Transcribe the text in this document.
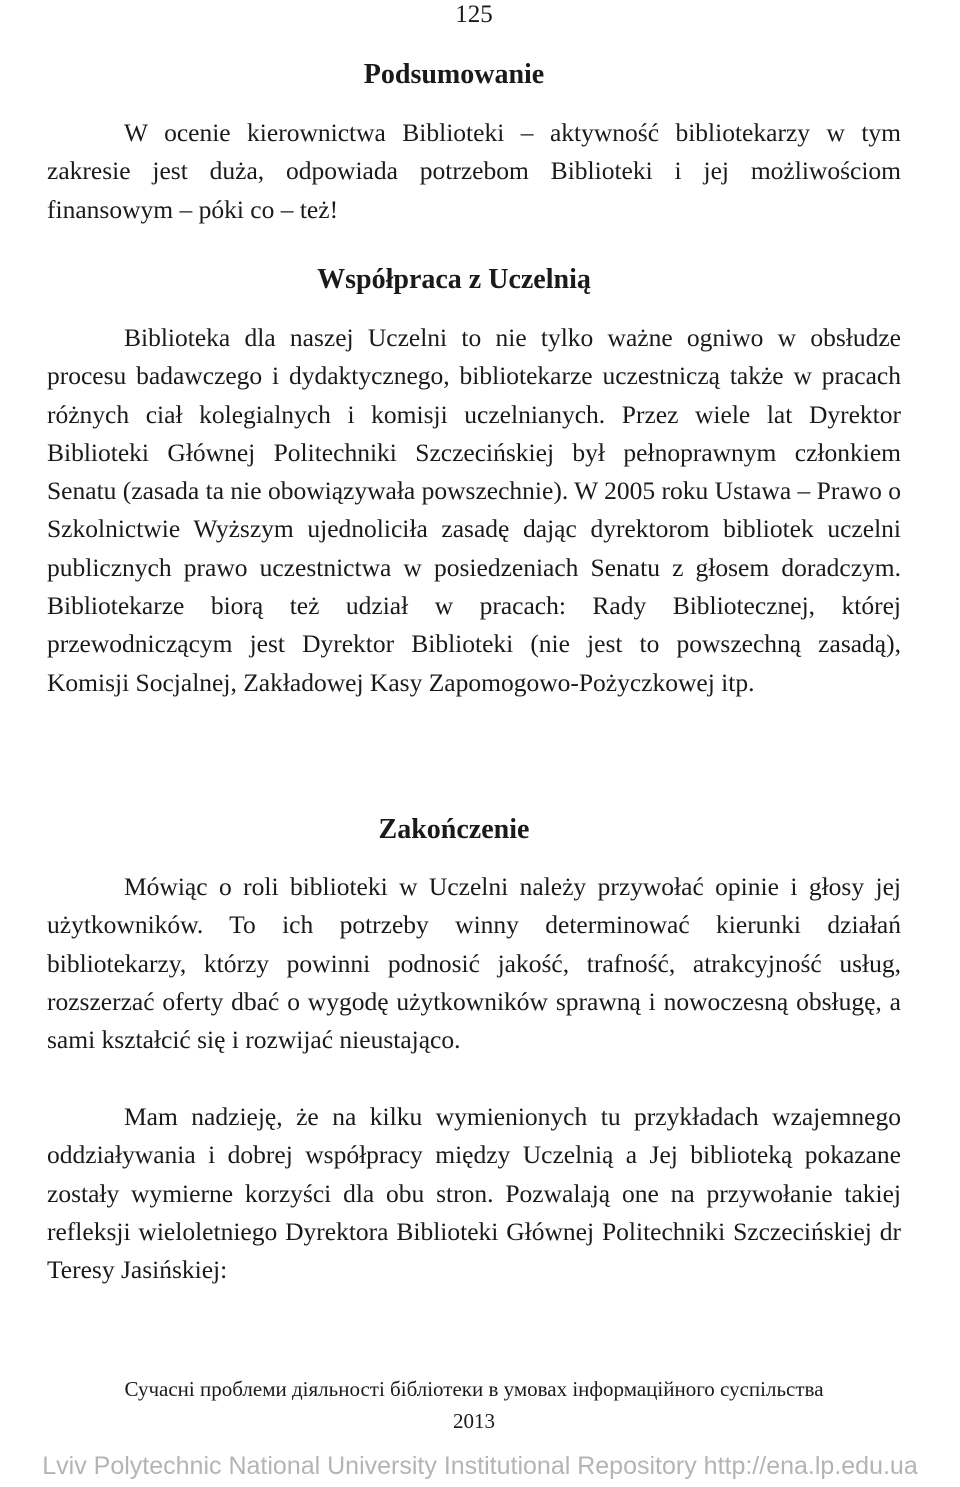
125
Podsumowanie

W ocenie kierownictwa Biblioteki – aktywność bibliotekarzy w tym zakresie jest duża, odpowiada potrzebom Biblioteki i jej możliwościom finansowym – póki co – też!

Współpraca z Uczelnią

Biblioteka dla naszej Uczelni to nie tylko ważne ogniwo w obsłudze procesu badawczego i dydaktycznego, bibliotekarze uczestniczą także w pracach różnych ciał kolegialnych i komisji uczelnianych. Przez wiele lat Dyrektor Biblioteki Głównej Politechniki Szczecińskiej był pełnoprawnym członkiem Senatu (zasada ta nie obowiązywała powszechnie). W 2005 roku Ustawa – Prawo o Szkolnictwie Wyższym ujednoliciła zasadę dając dyrektorom bibliotek uczelni publicznych prawo uczestnictwa w posiedzeniach Senatu z głosem doradczym. Bibliotekarze biorą też udział w pracach: Rady Bibliotecznej, której przewodniczącym jest Dyrektor Biblioteki (nie jest to powszechną zasadą), Komisji Socjalnej, Zakładowej Kasy Zapomogowo-Pożyczkowej itp.

Zakończenie

Mówiąc o roli biblioteki w Uczelni należy przywołać opinie i głosy jej użytkowników. To ich potrzeby winny determinować kierunki działań bibliotekarzy, którzy powinni podnosić jakość, trafność, atrakcyjność usług, rozszerzać oferty dbać o wygodę użytkowników sprawną i nowoczesną obsługę, a sami kształcić się i rozwijać nieustająco.

Mam nadzieję, że na kilku wymienionych tu przykładach wzajemnego oddziaływania i dobrej współpracy między Uczelnią a Jej biblioteką pokazane zostały wymierne korzyści dla obu stron. Pozwalają one na przywołanie takiej refleksji wieloletniego Dyrektora Biblioteki Głównej Politechniki Szczecińskiej dr Teresy Jasińskiej:

Сучасні проблеми діяльності бібліотеки в умовах інформаційного суспільства
2013
Lviv Polytechnic National University Institutional Repository http://ena.lp.edu.ua
